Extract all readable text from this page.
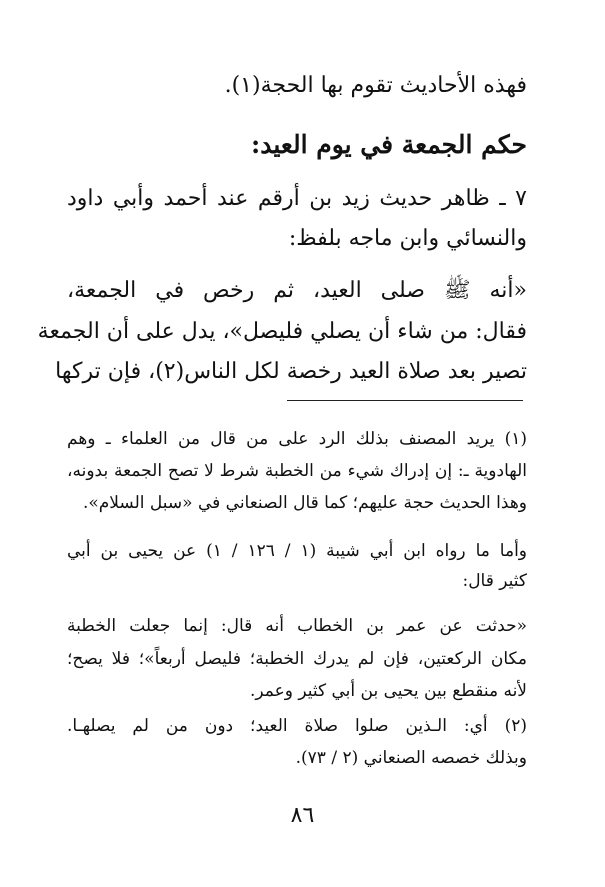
فهذه الأحاديث تقوم بها الحجة(١).
حكم الجمعة في يوم العيد:
٧ ـ ظاهر حديث زيد بن أرقم عند أحمد وأبي داود
والنسائي وابن ماجه بلفظ:
«أنه ﷺ صلى العيد، ثم رخص في الجمعة،
فقال: من شاء أن يصلي فليصل»، يدل على أن الجمعة
تصير بعد صلاة العيد رخصة لكل الناس(٢)، فإن تركها
(١) يريد المصنف بذلك الرد على من قال من العلماء ـ وهم
الهادوية ـ: إن إدراك شيء من الخطبة شرط لا تصح الجمعة بدونه،
وهذا الحديث حجة عليهم؛ كما قال الصنعاني في «سبل السلام».
وأما ما رواه ابن أبي شيبة (١ / ١٢٦ / ١) عن يحيى بن أبي
كثير قال:
«حدثت عن عمر بن الخطاب أنه قال: إنما جعلت الخطبة
مكان الركعتين، فإن لم يدرك الخطبة؛ فليصل أربعاً»؛ فلا يصح؛
لأنه منقطع بين يحيى بن أبي كثير وعمر.
(٢) أي: الـذين صلوا صلاة العيد؛ دون من لم يصلهـا.
وبذلك خصصه الصنعاني (٢ / ٧٣).
٨٦
